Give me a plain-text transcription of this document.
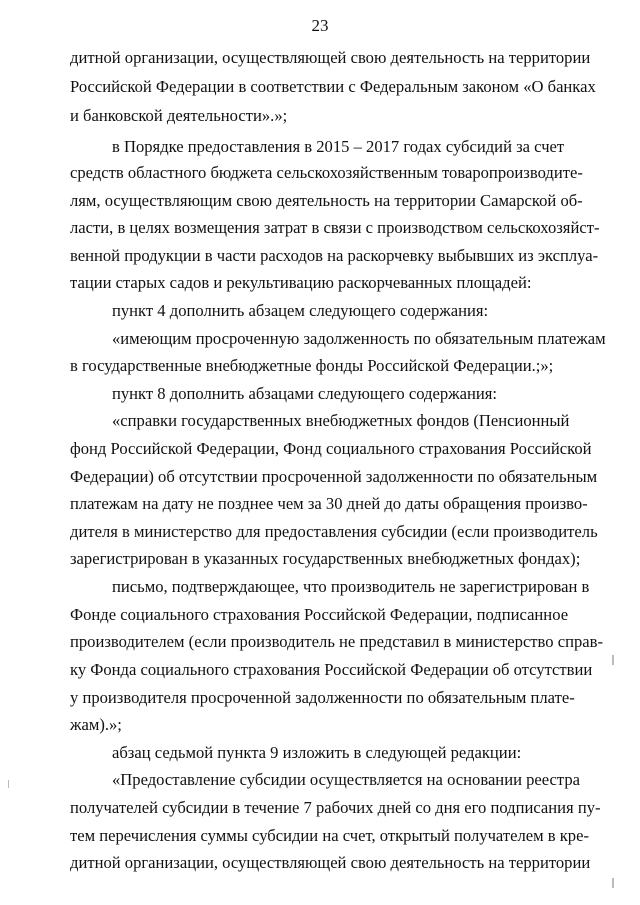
23
дитной организации, осуществляющей свою деятельность на территории
Российской Федерации в соответствии с Федеральным законом «О банках
и банковской деятельности».»;
в Порядке предоставления в 2015 – 2017 годах субсидий за счет
средств областного бюджета сельскохозяйственным товаропроизводите-
лям, осуществляющим свою деятельность на территории Самарской об-
ласти, в целях возмещения затрат в связи с производством сельскохозяйст-
венной продукции в части расходов на раскорчевку выбывших из эксплуа-
тации старых садов и рекультивацию раскорчеванных площадей:
пункт 4 дополнить абзацем следующего содержания:
«имеющим просроченную задолженность по обязательным платежам
в государственные внебюджетные фонды Российской Федерации.;»;
пункт 8 дополнить абзацами следующего содержания:
«справки государственных внебюджетных фондов (Пенсионный
фонд Российской Федерации, Фонд социального страхования Российской
Федерации) об отсутствии просроченной задолженности по обязательным
платежам на дату не позднее чем за 30 дней до даты обращения произво-
дителя в министерство для предоставления субсидии (если производитель
зарегистрирован в указанных государственных внебюджетных фондах);
письмо, подтверждающее, что производитель не зарегистрирован в
Фонде социального страхования Российской Федерации, подписанное
производителем (если производитель не представил в министерство справ-
ку Фонда социального страхования Российской Федерации об отсутствии
у производителя просроченной задолженности по обязательным плате-
жам).»;
абзац седьмой пункта 9 изложить в следующей редакции:
«Предоставление субсидии осуществляется на основании реестра
получателей субсидии в течение 7 рабочих дней со дня его подписания пу-
тем перечисления суммы субсидии на счет, открытый получателем в кре-
дитной организации, осуществляющей свою деятельность на территории
